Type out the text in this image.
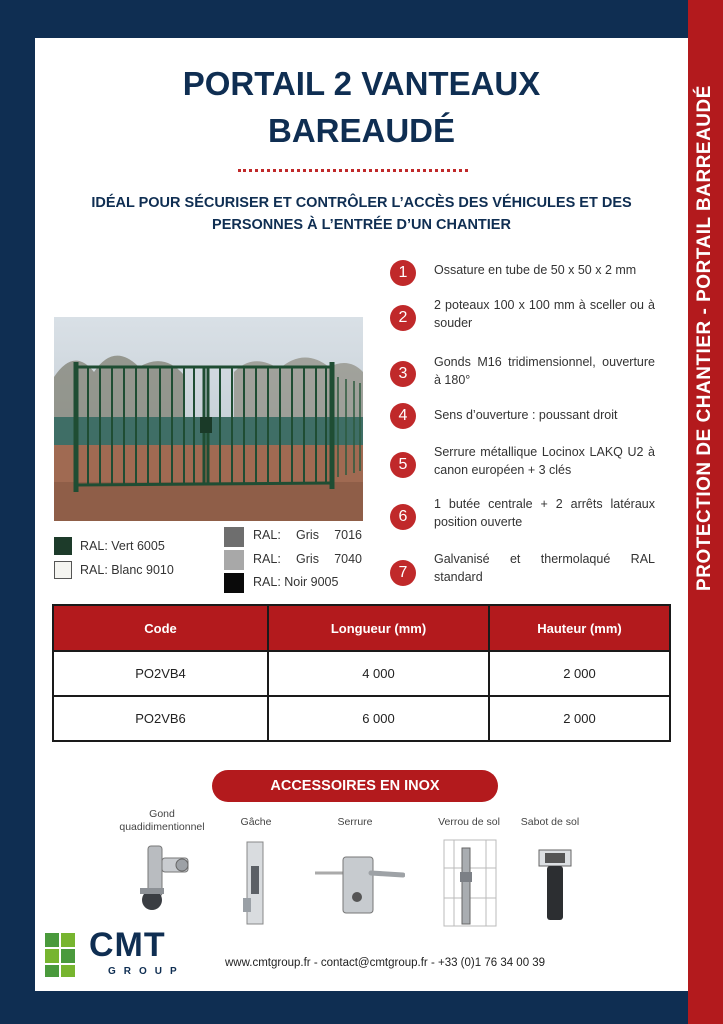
PROTECTION DE CHANTIER - PORTAIL BARREAUDÉ
PORTAIL 2 VANTEAUX
BAREAUDÉ
IDÉAL POUR SÉCURISER ET CONTRÔLER L’ACCÈS DES VÉHICULES ET DES
PERSONNES À L’ENTRÉE D’UN CHANTIER
RAL: Vert 6005
RAL: Blanc 9010
RAL: Gris 7016
RAL: Gris 7040
RAL: Noir 9005
1	Ossature en tube de 50 x 50 x 2 mm
2
2 poteaux 100 x 100 mm à sceller ou à souder
3
Gonds M16 tridimensionnel, ouverture à 180°
4	Sens d’ouverture : poussant droit
5
Serrure métallique Locinox LAKQ U2 à canon européen + 3 clés
6
1 butée centrale + 2 arrêts latéraux position ouverte
7
Galvanisé et thermolaqué RAL standard
Code	Longueur (mm)	Hauteur (mm)
PO2VB4	4 000	2 000
PO2VB6	6 000	2 000
ACCESSOIRES EN INOX
Gond quadidimentionnel	Gâche	Serrure	Verrou de sol	Sabot de sol
CMT
GROUP
www.cmtgroup.fr - contact@cmtgroup.fr - +33 (0)1 76 34 00 39
